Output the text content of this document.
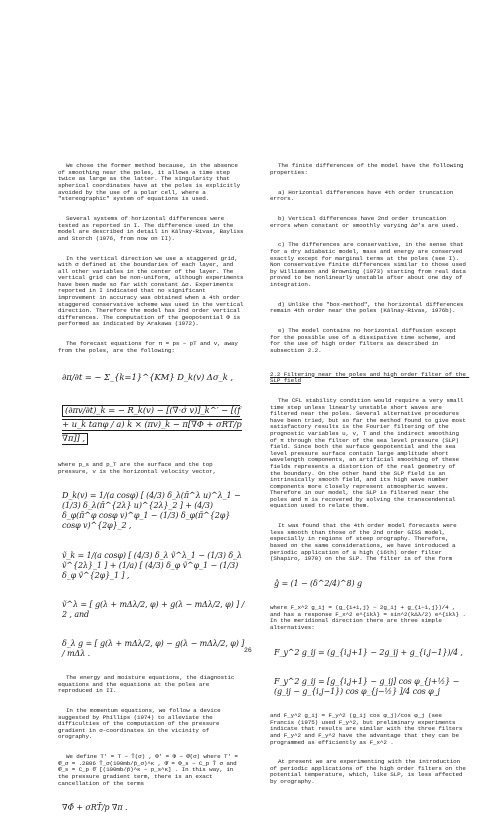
We chose the former method because, in the absence of smoothing near the poles, it allows a time step twice as large as the latter. The singularity that spherical coordinates have at the poles is explicitly avoided by the use of a polar cell, where a "stereographic" system of equations is used.

Several systems of horizontal differences were tested as reported in I. The difference used in the model are described in detail in Kálnay-Rivas, Bayliss and Storch (1976, from now on II).

In the vertical direction we use a staggered grid, with σ defined at the boundaries of each layer, and all other variables in the center of the layer. The vertical grid can be non-uniform, although experiments have been made so far with constant Δσ. Experiments reported in I indicated that no significant improvement in accuracy was obtained when a 4th order staggered conservative scheme was used in the vertical direction. Therefore the model has 2nd order vertical differences. The computation of the geopotential Φ is performed as indicated by Arakawa (1972).

The forecast equations for π = ps − pT and v, away from the poles, are the following:

∂π/∂t = − Σ_{k=1}^{KM} D_k(v) Δσ_k ,

(∂πv/∂t)_k = − R_k(v) − [(∇·σ̇ v)]_k^′ − [(f + u_k tanφ / a) k × (πv)_k − π[∇Φ + σRT/p ∇π]] ,

where p_s and p_T are the surface and the top pressure, v is the horizontal velocity vector,

D_k(v) = 1/(a cosφ) [ (4/3) δ_λ(π̄^λ u)^λ_1 − (1/3) δ_λ(π̄^{2λ} u)^{2λ}_2 ] + (4/3) δ_φ(π̄^φ cosφ v)^φ_1 − (1/3) δ_φ(π̄^{2φ} cosφ v)^{2φ}_2 ,

ṽ_k = 1/(a cosφ) [ (4/3) δ_λ ṽ^λ_1 − (1/3) δ_λ ṽ^{2λ}_1 ] + (1/a) [ (4/3) δ_φ ṽ^φ_1 − (1/3) δ_φ ṽ^{2φ}_1 ] ,

ṽ^λ = [ g(λ + mΔλ/2, φ) + g(λ − mΔλ/2, φ) ] / 2 , and

δ_λ g = [ g(λ + mΔλ/2, φ) − g(λ − mΔλ/2, φ) ] / mΔλ .

The energy and moisture equations, the diagnostic equations and the equations at the poles are reproduced in II.

In the momentum equations, we follow a device suggested by Phillips (1974) to alleviate the difficulties of the computation of the pressure gradient in σ-coordinates in the vicinity of orography.

We define T′ = T − T̄(σ) , Φ′ = Φ − Φ̄(σ) where T′ = Φ̄_σ = .2806 T̄_σ(100mb/p̄_σ)^κ , Φ̄ = Φ_s − C_p T̄ σ and Φ̄_s = C_p θ̄ [(100mb/p̄)^κ − p_s^κ] . In this way, in the pressure gradient term, there is an exact cancellation of the terms

∇Φ̄ + σRT̄/p ∇π .

The finite differences of the model have the following properties:

a) Horizontal differences have 4th order truncation errors.

b) Vertical differences have 2nd order truncation errors when constant or smoothly varying Δσ's are used.

c) The differences are conservative, in the sense that for a dry adiabatic model, mass and energy are conserved exactly except for marginal terms at the poles (see I). Non conservative finite differences similar to those used by Williamson and Browning (1973) starting from real data proved to be nonlinearly unstable after about one day of integration.

d) Unlike the "box-method", the horizontal differences remain 4th order near the poles (Kálnay-Rivas, 1976b).

e) The model contains no horizontal diffusion except for the possible use of a dissipative time scheme, and for the use of high order filters as described in subsection 2.2.

2.2 Filtering near the poles and high order filter of the SLP field

The CFL stability condition would require a very small time step unless linearly unstable short waves are filtered near the poles. Several alternative procedures have been tried, but so far the method found to give most satisfactory results is the Fourier filtering of the prognostic variables u, v, T and the indirect smoothing of π through the filter of the sea level pressure (SLP) field. Since both the surface geopotential and the sea level pressure surface contain large amplitude short wavelength components, an artificial smoothing of these fields represents a distortion of the real geometry of the boundary. On the other hand the SLP field is an intrinsically smooth field, and its high wave number components more closely represent atmospheric waves. Therefore in our model, the SLP is filtered near the poles and π is recovered by solving the transcendental equation used to relate them.

It was found that the 4th order model forecasts were less smooth than those of the 2nd order GISS model, especially in regions of steep orography. Therefore, based on the same considerations, we have introduced a periodic application of a high (16th) order filter (Shapiro, 1970) on the SLP. The filter is of the form

ĝ = (1 − (δ^2/4)^8) g

where F_x^2 g_ij = (g_{i+1,j} − 2g_ij + g_{i−1,j})/4 , and has a response F_x^2 e^{ikλ} = sin^2(kΔλ/2) e^{ikλ} . In the meridional direction there are three simple alternatives:

F_y^2 g_ij = (g_{i,j+1} − 2g_ij + g_{i,j−1})/4 ,

F_y^2 g_ij = [g_{i,j+1} − g_ij] cos φ_{j+½} − (g_ij − g_{i,j−1}) cos φ_{j−½} ]/4 cos φ_j

and F_y^2 g_ij = F_y^2 (g_ij cos φ_j)/cos φ_j (see Francis (1975) used F_y^2, but preliminary experiments indicate that results are similar with the three filters and F_y^2 and F_y^2 have the advantage that they can be programmed as efficiently as F_x^2 .

At present we are experimenting with the introduction of periodic applications of the high order filters on the potential temperature, which, like SLP, is less affected by orography.

26
